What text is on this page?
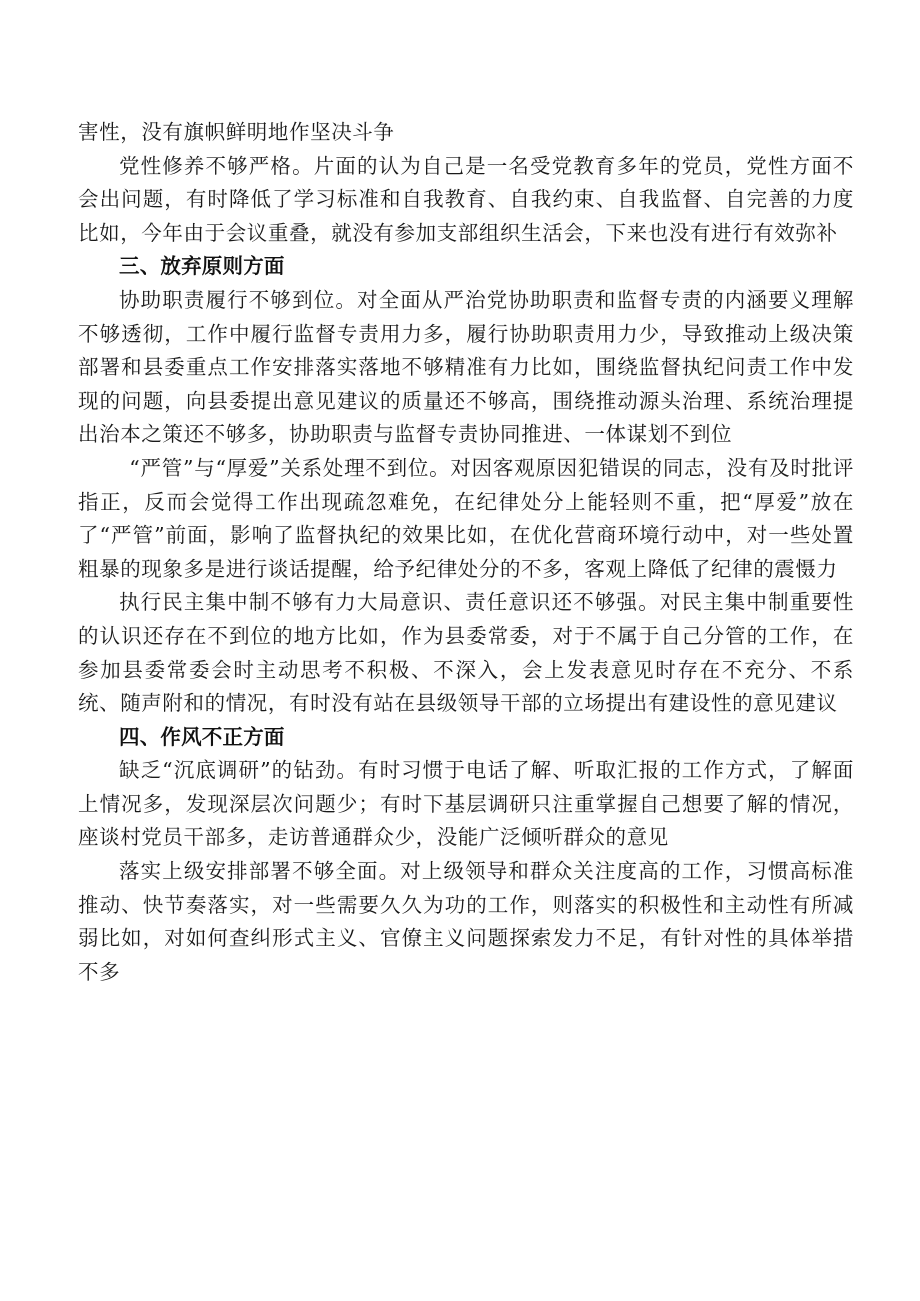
害性，没有旗帜鲜明地作坚决斗争

党性修养不够严格。片面的认为自己是一名受党教育多年的党员，党性方面不会出问题，有时降低了学习标准和自我教育、自我约束、自我监督、自完善的力度比如，今年由于会议重叠，就没有参加支部组织生活会，下来也没有进行有效弥补

三、放弃原则方面

协助职责履行不够到位。对全面从严治党协助职责和监督专责的内涵要义理解不够透彻，工作中履行监督专责用力多，履行协助职责用力少，导致推动上级决策部署和县委重点工作安排落实落地不够精准有力比如，围绕监督执纪问责工作中发现的问题，向县委提出意见建议的质量还不够高，围绕推动源头治理、系统治理提出治本之策还不够多，协助职责与监督专责协同推进、一体谋划不到位

“严管”与“厚爱”关系处理不到位。对因客观原因犯错误的同志，没有及时批评指正，反而会觉得工作出现疏忽难免，在纪律处分上能轻则不重，把“厚爱”放在了“严管”前面，影响了监督执纪的效果比如，在优化营商环境行动中，对一些处置粗暴的现象多是进行谈话提醒，给予纪律处分的不多，客观上降低了纪律的震慑力

执行民主集中制不够有力大局意识、责任意识还不够强。对民主集中制重要性的认识还存在不到位的地方比如，作为县委常委，对于不属于自己分管的工作，在参加县委常委会时主动思考不积极、不深入，会上发表意见时存在不充分、不系统、随声附和的情况，有时没有站在县级领导干部的立场提出有建设性的意见建议

四、作风不正方面

缺乏“沉底调研”的钻劲。有时习惯于电话了解、听取汇报的工作方式，了解面上情况多，发现深层次问题少；有时下基层调研只注重掌握自己想要了解的情况，座谈村党员干部多，走访普通群众少，没能广泛倾听群众的意见

落实上级安排部署不够全面。对上级领导和群众关注度高的工作，习惯高标准推动、快节奏落实，对一些需要久久为功的工作，则落实的积极性和主动性有所减弱比如，对如何查纠形式主义、官僚主义问题探索发力不足，有针对性的具体举措不多
